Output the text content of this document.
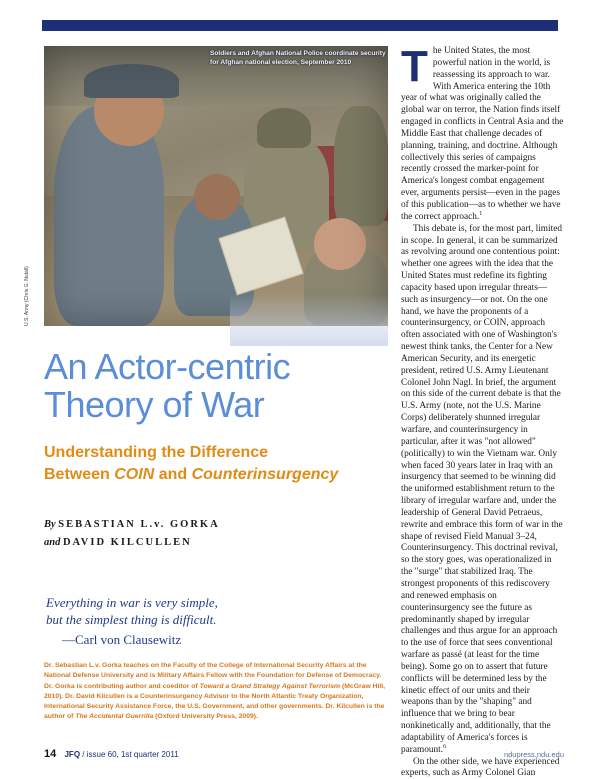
Soldiers and Afghan National Police coordinate security for Afghan national election, September 2010
U.S. Army (Chris G. Nutall)
An Actor-centric
Theory of War
Understanding the Difference
Between COIN and Counterinsurgency
By SEBASTIAN L.v. GORKA
and DAVID KILCULLEN
Everything in war is very simple,
but the simplest thing is difficult.
—Carl von Clausewitz
Dr. Sebastian L.v. Gorka teaches on the Faculty of the College of International Security Affairs at the National Defense University and is Military Affairs Fellow with the Foundation for Defense of Democracy. Dr. Gorka is contributing author and coeditor of Toward a Grand Strategy Against Terrorism (McGraw Hill, 2010). Dr. David Kilcullen is a Counterinsurgency Advisor to the North Atlantic Treaty Organization, International Security Assistance Force, the U.S. Government, and other governments. Dr. Kilcullen is the author of The Accidental Guerrilla (Oxford University Press, 2009).

The United States, the most powerful nation in the world, is reassessing its approach to war. With America entering the 10th year of what was originally called the global war on terror, the Nation finds itself engaged in conflicts in Central Asia and the Middle East that challenge decades of planning, training, and doctrine. Although collectively this series of campaigns recently crossed the marker-point for America's longest combat engagement ever, arguments persist—even in the pages of this publication—as to whether we have the correct approach.$^1$

This debate is, for the most part, limited in scope. In general, it can be summarized as revolving around one contentious point: whether one agrees with the idea that the United States must redefine its fighting capacity based upon irregular threats—such as insurgency—or not. On the one hand, we have the proponents of a counterinsurgency, or COIN, approach often associated with one of Washington's newest think tanks, the Center for a New American Security, and its energetic president, retired U.S. Army Lieutenant Colonel John Nagl. In brief, the argument on this side of the current debate is that the U.S. Army (note, not the U.S. Marine Corps) deliberately shunned irregular warfare, and counterinsurgency in particular, after it was "not allowed" (politically) to win the Vietnam war. Only when faced 30 years later in Iraq with an insurgency that seemed to be winning did the uniformed establishment return to the library of irregular warfare and, under the leadership of General David Petraeus, rewrite and embrace this form of war in the shape of revised Field Manual 3–24, Counterinsurgency. This doctrinal revival, so the story goes, was operationalized in the "surge" that stabilized Iraq. The strongest proponents of this rediscovery and renewed emphasis on counterinsurgency see the future as predominantly shaped by irregular challenges and thus argue for an approach to the use of force that sees conventional warfare as passé (at least for the time being). Some go on to assert that future conflicts will be determined less by the kinetic effect of our units and their weapons than by the "shaping" and influence that we bring to bear nonkinetically and, additionally, that the adaptability of America's forces is paramount.$^6$

On the other side, we have experienced experts, such as Army Colonel Gian

14 JFQ / issue 60, 1st quarter 2011	ndupress.ndu.edu
